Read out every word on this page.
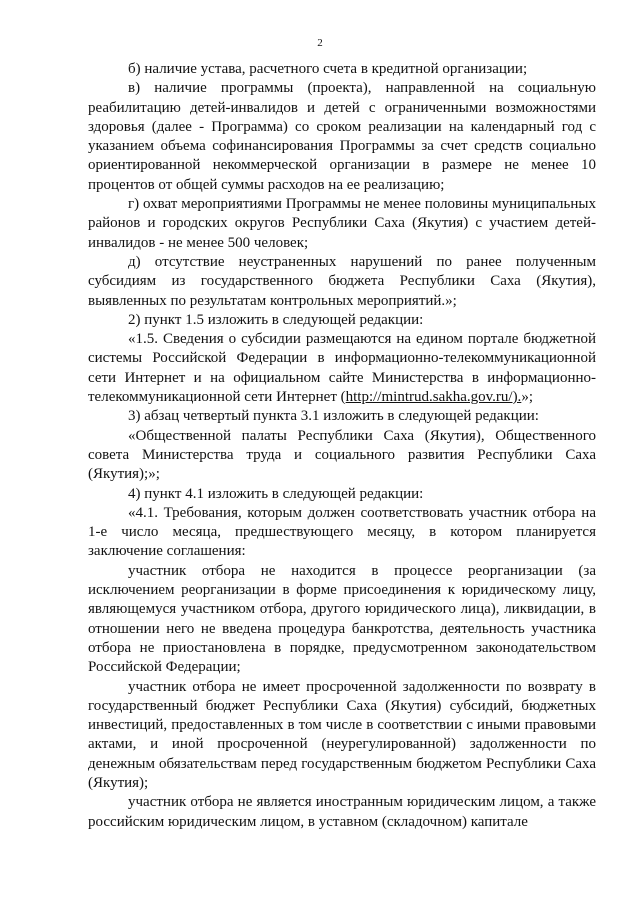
2

б) наличие устава, расчетного счета в кредитной организации;

в) наличие программы (проекта), направленной на социальную реабилитацию детей-инвалидов и детей с ограниченными возможностями здоровья (далее - Программа) со сроком реализации на календарный год с указанием объема софинансирования Программы за счет средств социально ориентированной некоммерческой организации в размере не менее 10 процентов от общей суммы расходов на ее реализацию;

г) охват мероприятиями Программы не менее половины муниципальных районов и городских округов Республики Саха (Якутия) с участием детей-инвалидов - не менее 500 человек;

д) отсутствие неустраненных нарушений по ранее полученным субсидиям из государственного бюджета Республики Саха (Якутия), выявленных по результатам контрольных мероприятий.»;

2) пункт 1.5 изложить в следующей редакции:

«1.5. Сведения о субсидии размещаются на едином портале бюджетной системы Российской Федерации в информационно-телекоммуникационной сети Интернет и на официальном сайте Министерства в информационно-телекоммуникационной сети Интернет (http://mintrud.sakha.gov.ru/).»;

3) абзац четвертый пункта 3.1 изложить в следующей редакции:

«Общественной палаты Республики Саха (Якутия), Общественного совета Министерства труда и социального развития Республики Саха (Якутия);»;

4) пункт 4.1 изложить в следующей редакции:

«4.1. Требования, которым должен соответствовать участник отбора на 1-е число месяца, предшествующего месяцу, в котором планируется заключение соглашения:

участник отбора не находится в процессе реорганизации (за исключением реорганизации в форме присоединения к юридическому лицу, являющемуся участником отбора, другого юридического лица), ликвидации, в отношении него не введена процедура банкротства, деятельность участника отбора не приостановлена в порядке, предусмотренном законодательством Российской Федерации;

участник отбора не имеет просроченной задолженности по возврату в государственный бюджет Республики Саха (Якутия) субсидий, бюджетных инвестиций, предоставленных в том числе в соответствии с иными правовыми актами, и иной просроченной (неурегулированной) задолженности по денежным обязательствам перед государственным бюджетом Республики Саха (Якутия);

участник отбора не является иностранным юридическим лицом, а также российским юридическим лицом, в уставном (складочном) капитале
